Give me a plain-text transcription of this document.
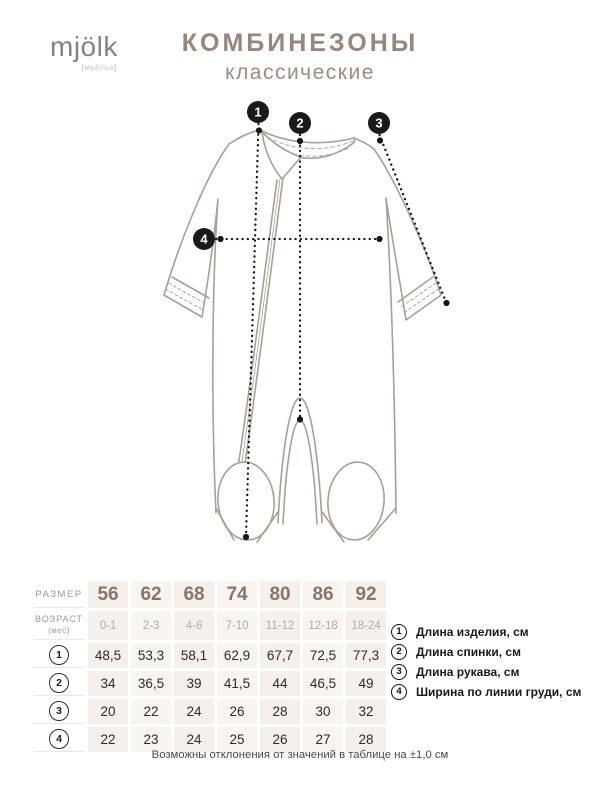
mjölk
[мьёльк]
КОМБИНЕЗОНЫ
классические
1
2	3
4
РАЗМЕР	56	62	68	74	80	86	92
ВОЗРАСТ
(мес)	0-1	2-3	4-6	7-10	11-12	12-18	18-24
1	48,5	53,3	58,1	62,9	67,7	72,5	77,3
2	34	36,5	39	41,5	44	46,5	49
3	20	22	24	26	28	30	32
4	22	23	24	25	26	27	28
1	Длина изделия, см
2	Длина спинки, см
3	Длина рукава, см
4	Ширина по линии груди, см
Возможны отклонения от значений в таблице на ±1,0 см
